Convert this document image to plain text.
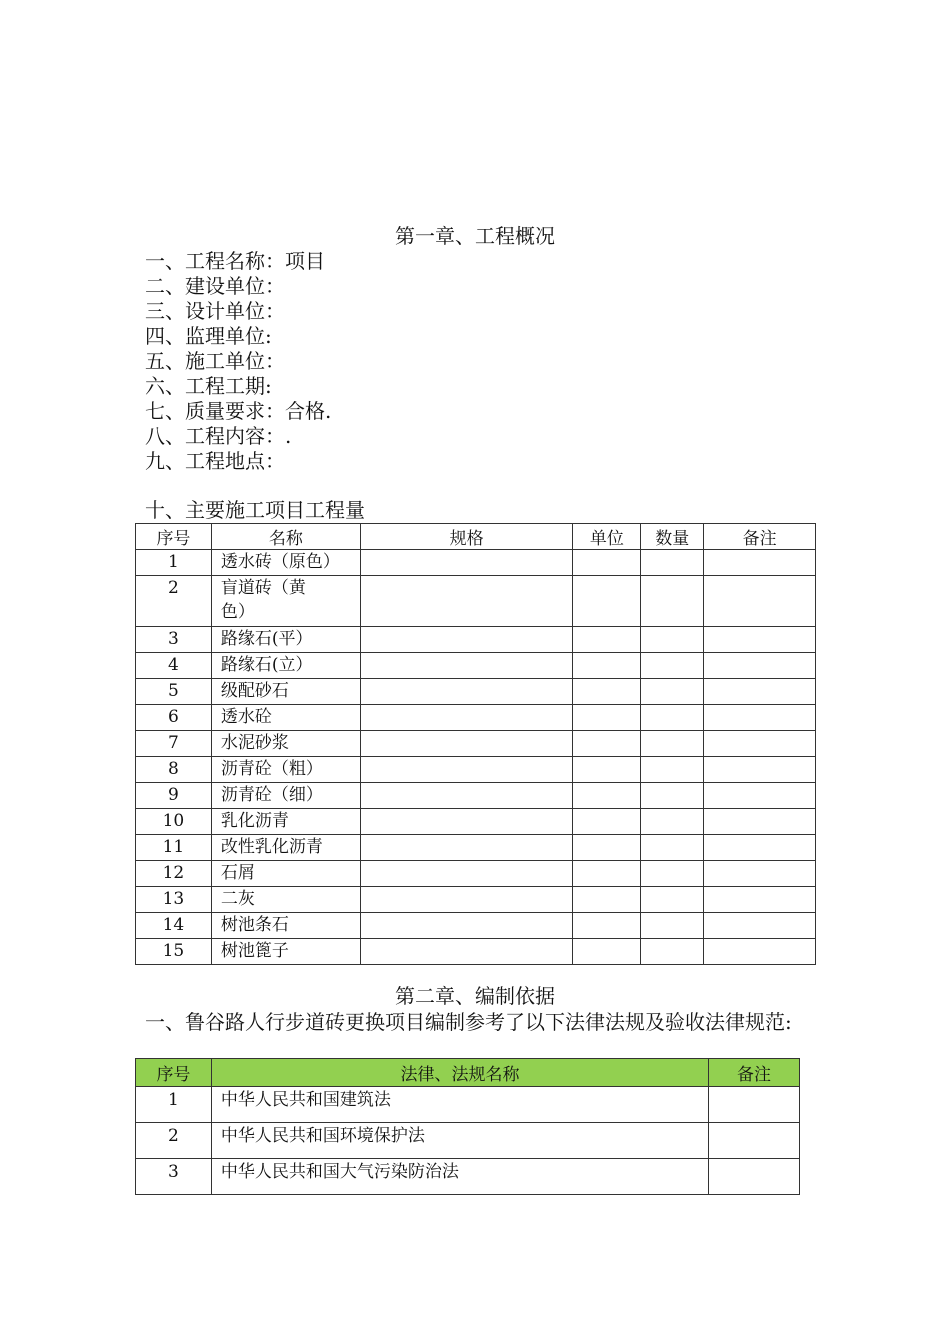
第一章、工程概况
一、工程名称：项目
二、建设单位：
三、设计单位：
四、监理单位:
五、施工单位：
六、工程工期:
七、质量要求：合格.
八、工程内容：.
九、工程地点：
十、主要施工项目工程量
序号	名称	规格	单位	数量	备注
1	透水砖（原色）				
2	盲道砖（黄色）				

3	路缘石(平）				
4	路缘石(立）				
5	级配砂石				
6	透水砼				
7	水泥砂浆				
8	沥青砼（粗）				
9	沥青砼（细）				
10	乳化沥青				
11	改性乳化沥青				
12	石屑				
13	二灰				
14	树池条石				
15	树池篦子				
第二章、编制依据
一、鲁谷路人行步道砖更换项目编制参考了以下法律法规及验收法律规范:
序号	法律、法规名称	备注
1	中华人民共和国建筑法	
2	中华人民共和国环境保护法	
3	中华人民共和国大气污染防治法	
